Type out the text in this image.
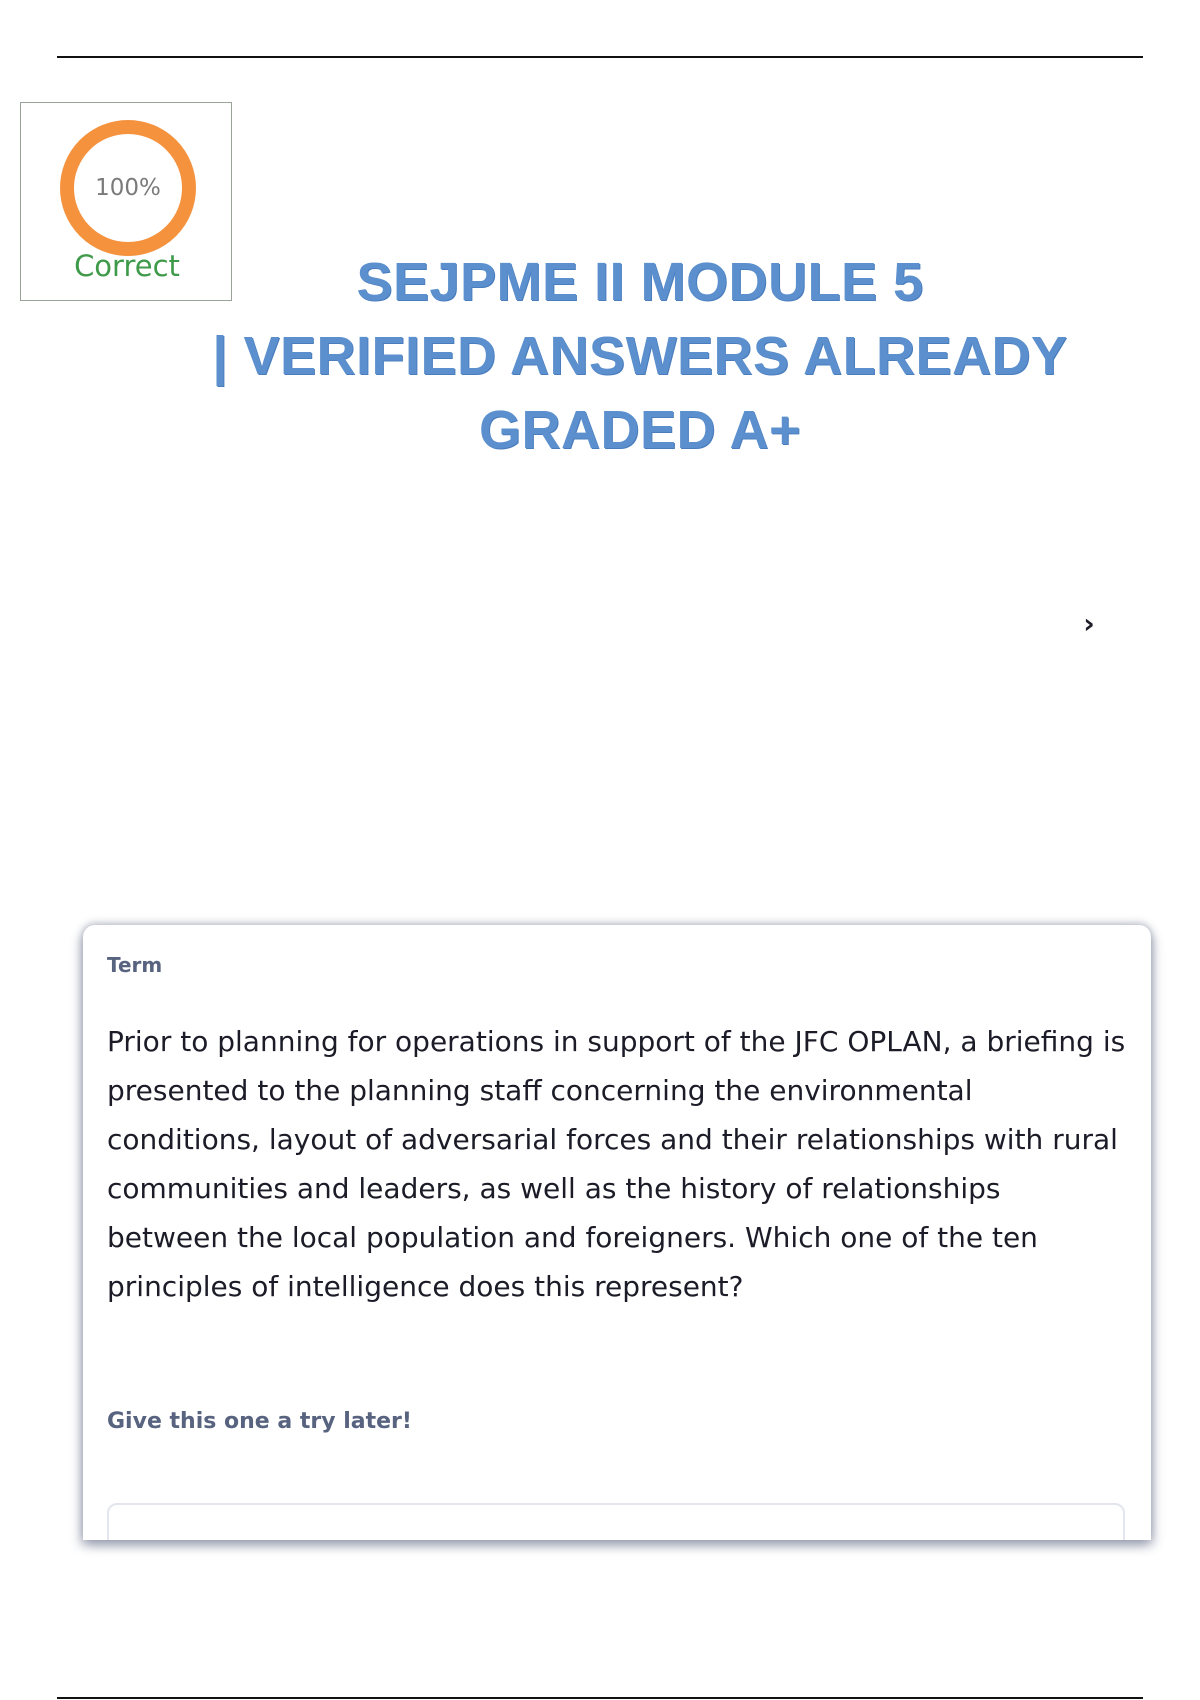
100%
Correct	SEJPME II MODULE 5
| VERIFIED ANSWERS ALREADY
GRADED A+
›
Term
Prior to planning for operations in support of the JFC OPLAN, a briefing is presented to the planning staff concerning the environmental conditions, layout of adversarial forces and their relationships with rural communities and leaders, as well as the history of relationships between the local population and foreigners. Which one of the ten principles of intelligence does this represent?
Give this one a try later!
